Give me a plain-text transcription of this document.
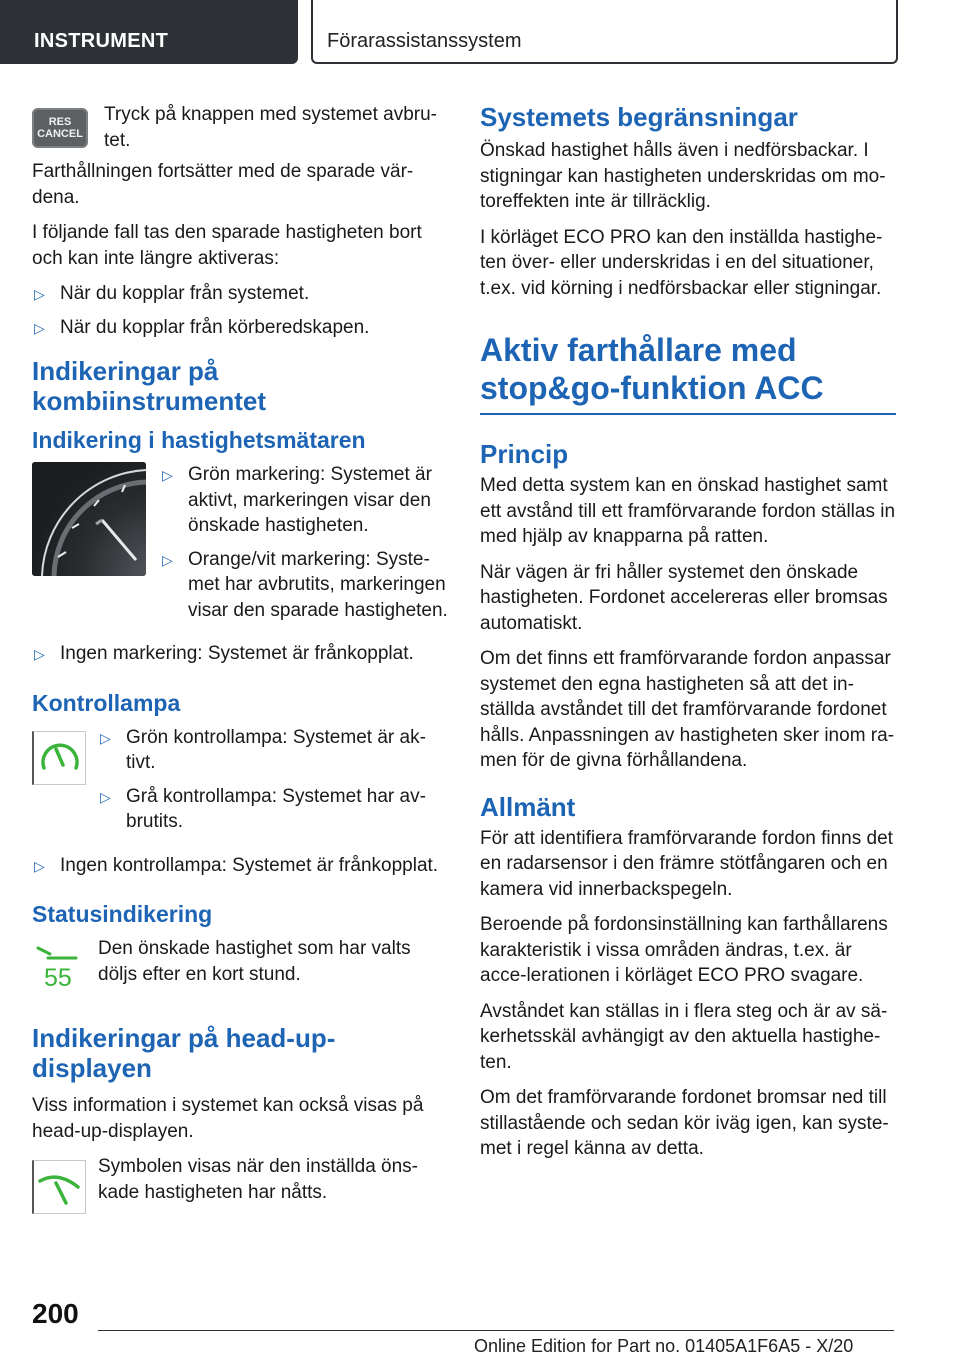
INSTRUMENT	Förarassistanssystem
RES
CANCEL

Tryck på knappen med systemet avbru-tet.

Farthållningen fortsätter med de sparade vär-dena.

I följande fall tas den sparade hastigheten bort och kan inte längre aktiveras:

▷ När du kopplar från systemet.
▷ När du kopplar från körberedskapen.
Indikeringar på kombiinstrumentet
Indikering i hastighetsmätaren
▷ Grön markering: Systemet är aktivt, markeringen visar den önskade hastigheten.
▷ Orange/vit markering: Syste-met har avbrutits, markeringen visar den sparade hastigheten.
▷ Ingen markering: Systemet är frånkopplat.
Kontrollampa
▷ Grön kontrollampa: Systemet är ak-tivt.
▷ Grå kontrollampa: Systemet har av-brutits.
▷ Ingen kontrollampa: Systemet är frånkopplat.
Statusindikering
55

Den önskade hastighet som har valts döljs efter en kort stund.

Indikeringar på head-up-displayen

Viss information i systemet kan också visas på head-up-displayen.

Symbolen visas när den inställda öns-kade hastigheten har nåtts.

Systemets begränsningar

Önskad hastighet hålls även i nedförsbackar. I stigningar kan hastigheten underskridas om mo-toreffekten inte är tillräcklig.

I körläget ECO PRO kan den inställda hastighe-ten över- eller underskridas i en del situationer, t.ex. vid körning i nedförsbackar eller stigningar.

Aktiv farthållare med stop&go-funktion ACC
Princip

Med detta system kan en önskad hastighet samt ett avstånd till ett framförvarande fordon ställas in med hjälp av knapparna på ratten.

När vägen är fri håller systemet den önskade hastigheten. Fordonet accelereras eller bromsas automatiskt.

Om det finns ett framförvarande fordon anpassar systemet den egna hastigheten så att det in-ställda avståndet till det framförvarande fordonet hålls. Anpassningen av hastigheten sker inom ra-men för de givna förhållandena.

Allmänt

För att identifiera framförvarande fordon finns det en radarsensor i den främre stötfångaren och en kamera vid innerbackspegeln.

Beroende på fordonsinställning kan farthållarens karakteristik i vissa områden ändras, t.ex. är acce-lerationen i körläget ECO PRO svagare.

Avståndet kan ställas in i flera steg och är av sä-kerhetsskäl avhängigt av den aktuella hastighe-ten.

Om det framförvarande fordonet bromsar ned till stillastående och sedan kör iväg igen, kan syste-met i regel känna av detta.

200
Online Edition for Part no. 01405A1F6A5 - X/20
